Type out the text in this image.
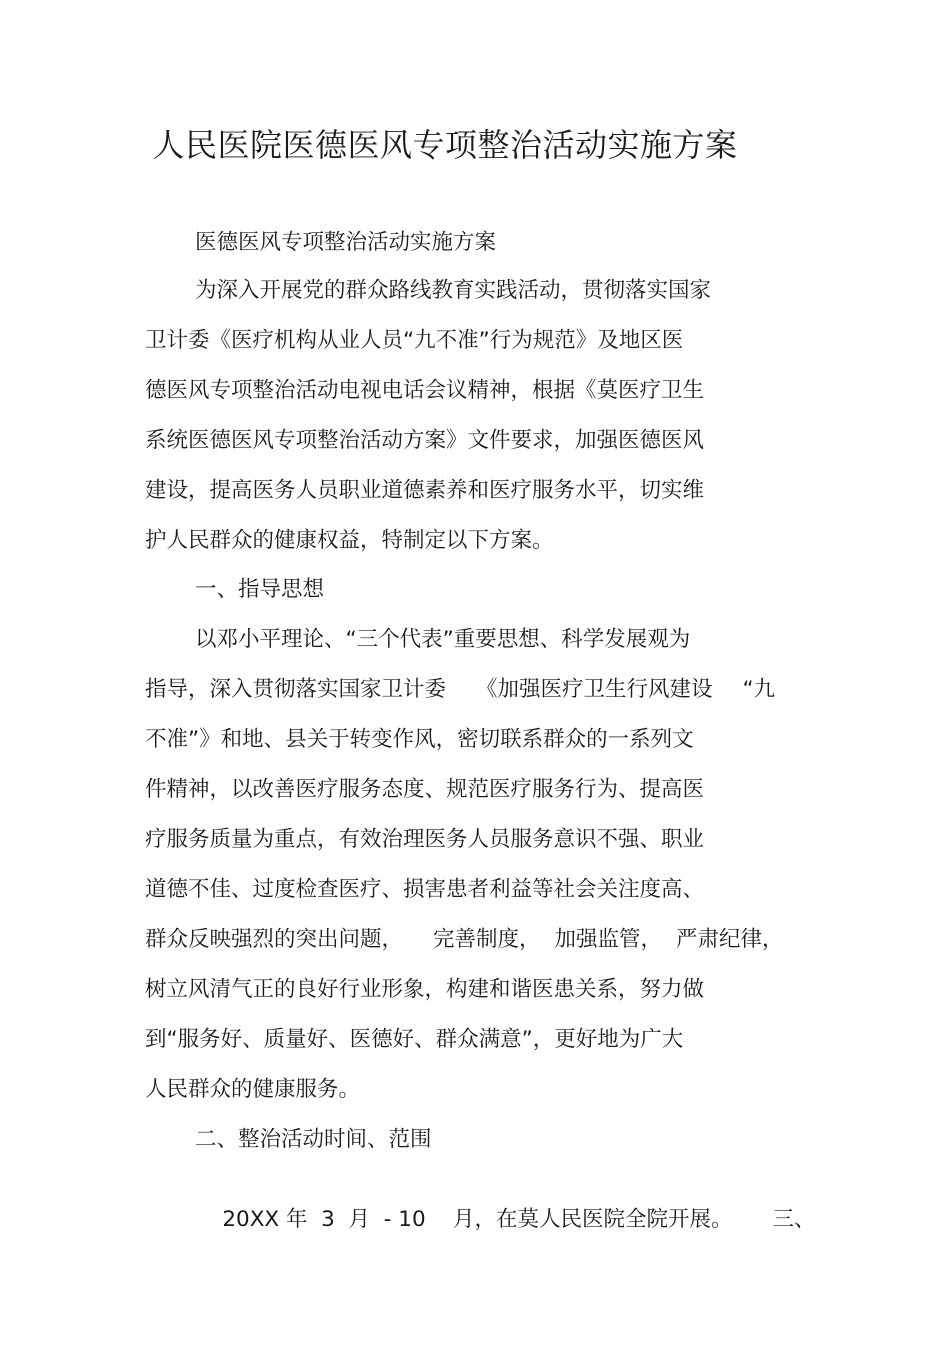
人民医院医德医风专项整治活动实施方案
医德医风专项整治活动实施方案
为深入开展党的群众路线教育实践活动，贯彻落实国家
卫计委《医疗机构从业人员“九不准”行为规范》及地区医
德医风专项整治活动电视电话会议精神，根据《莫医疗卫生
系统医德医风专项整治活动方案》文件要求，加强医德医风
建设，提高医务人员职业道德素养和医疗服务水平，切实维
护人民群众的健康权益，特制定以下方案。
一、指导思想
以邓小平理论、“三个代表”重要思想、科学发展观为
指导，深入贯彻落实国家卫计委 《加强医疗卫生行风建设 “九
不准”》和地、县关于转变作风，密切联系群众的一系列文
件精神，以改善医疗服务态度、规范医疗服务行为、提高医
疗服务质量为重点，有效治理医务人员服务意识不强、职业
道德不佳、过度检查医疗、损害患者利益等社会关注度高、
群众反映强烈的突出问题， 完善制度， 加强监管， 严肃纪律，
树立风清气正的良好行业形象，构建和谐医患关系，努力做
到“服务好、质量好、医德好、群众满意”，更好地为广大
人民群众的健康服务。
二、整治活动时间、范围

20XX 年  3  月  - 10    月，在莫人民医院全院开展。 三、
